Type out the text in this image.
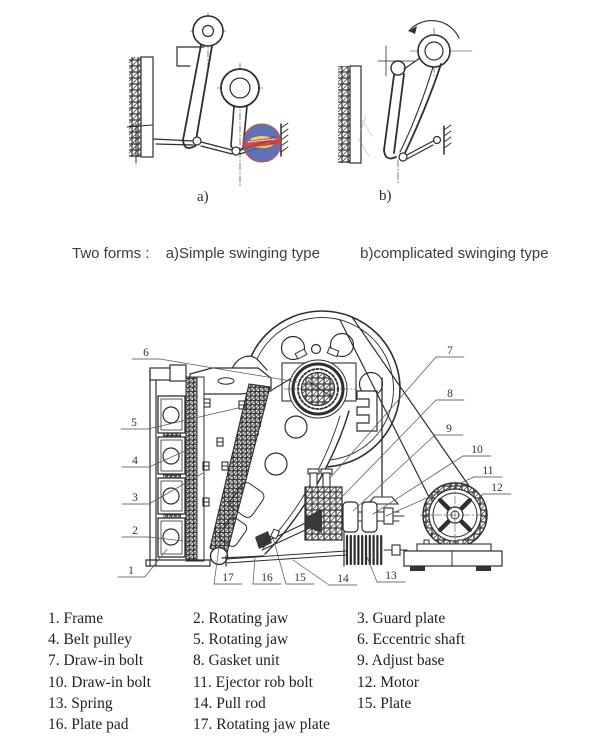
1
2
3
4
5
6	7
8
9
10
11
12
13
14
15
16
17
a)	b)
Two forms : a)Simple swinging type	b)complicated swinging type
1. Frame	2. Rotating jaw	3. Guard plate
4. Belt pulley	5. Rotating jaw	6. Eccentric shaft
7. Draw-in bolt	8. Gasket unit	9. Adjust base
10. Draw-in bolt	11. Ejector rob bolt	12. Motor
13. Spring	14. Pull rod	15. Plate
16. Plate pad	17. Rotating jaw plate
